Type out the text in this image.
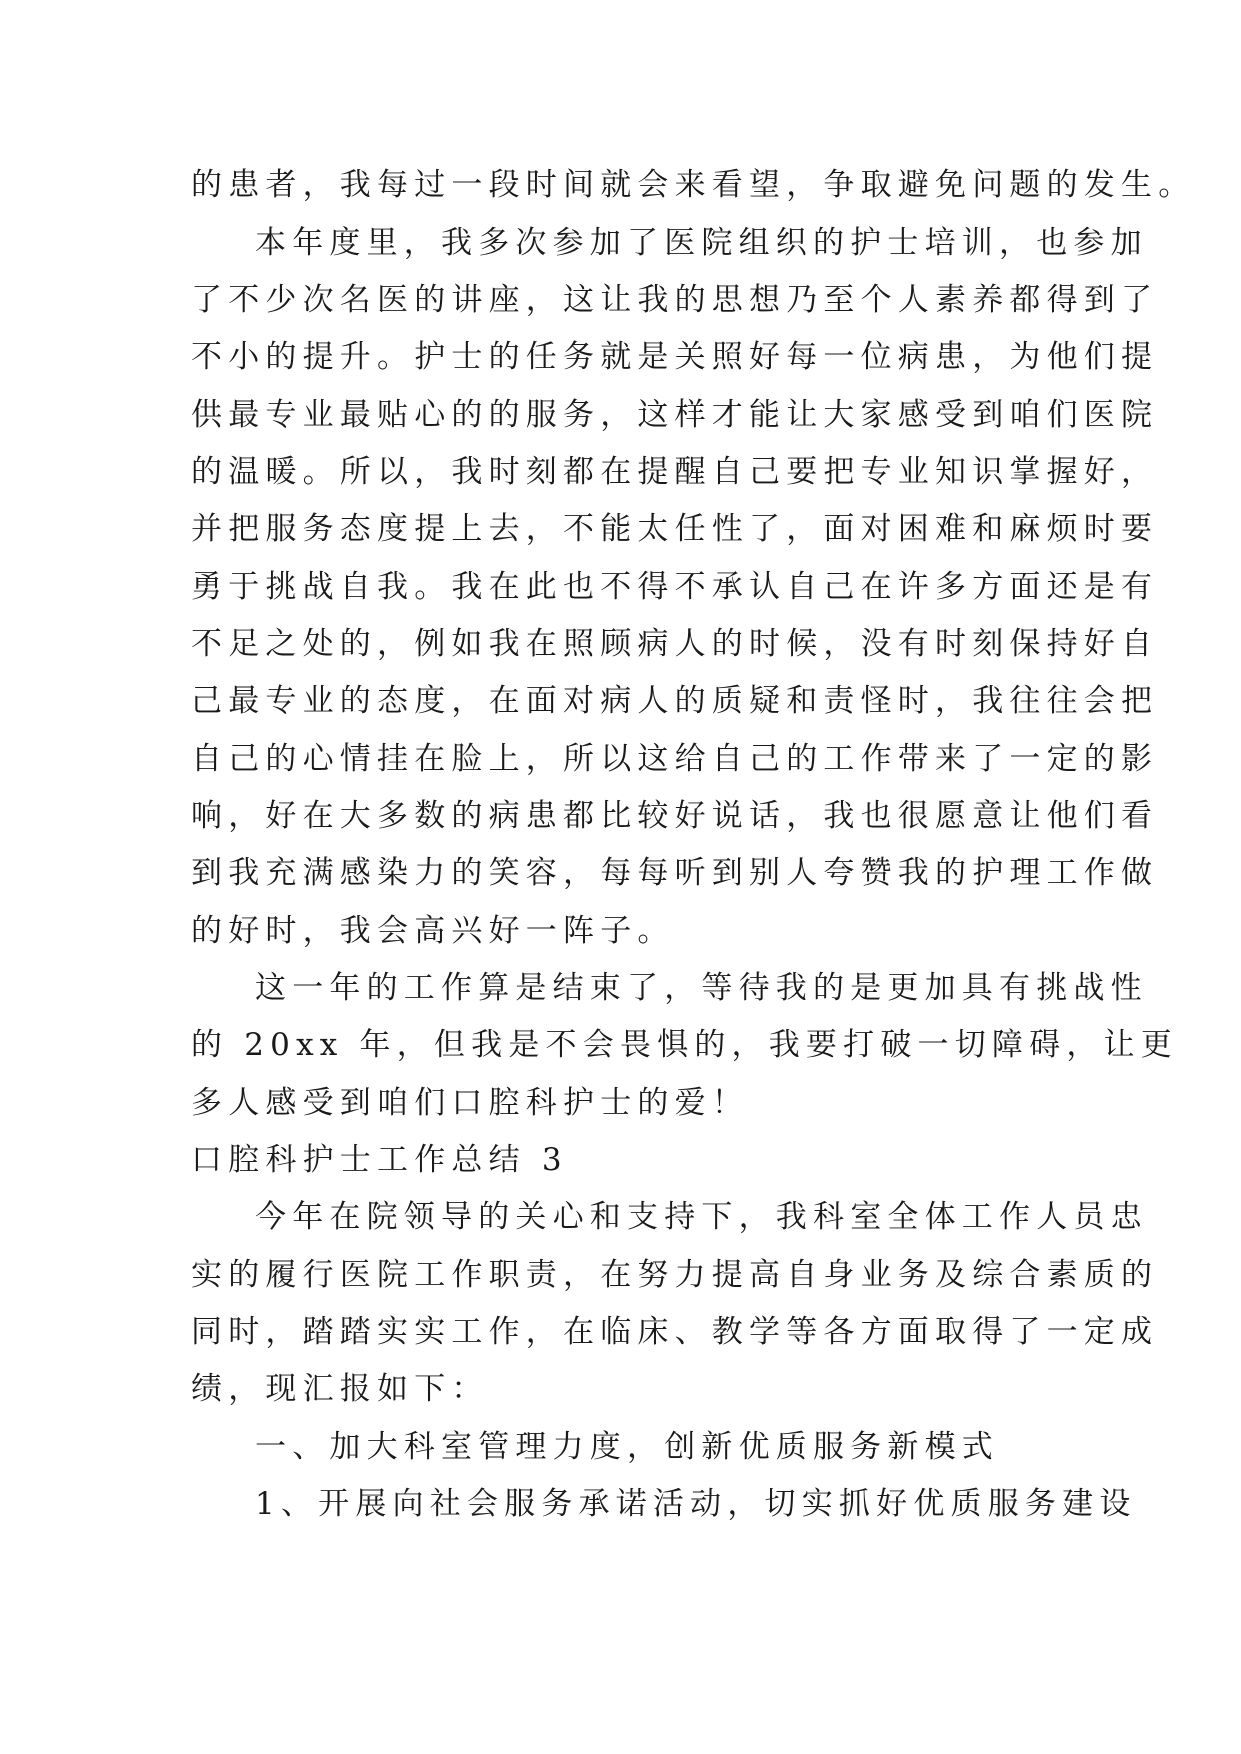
的患者，我每过一段时间就会来看望，争取避免问题的发生。
本年度里，我多次参加了医院组织的护士培训，也参加
了不少次名医的讲座，这让我的思想乃至个人素养都得到了
不小的提升。护士的任务就是关照好每一位病患，为他们提
供最专业最贴心的的服务，这样才能让大家感受到咱们医院
的温暖。所以，我时刻都在提醒自己要把专业知识掌握好，
并把服务态度提上去，不能太任性了，面对困难和麻烦时要
勇于挑战自我。我在此也不得不承认自己在许多方面还是有
不足之处的，例如我在照顾病人的时候，没有时刻保持好自
己最专业的态度，在面对病人的质疑和责怪时，我往往会把
自己的心情挂在脸上，所以这给自己的工作带来了一定的影
响，好在大多数的病患都比较好说话，我也很愿意让他们看
到我充满感染力的笑容，每每听到别人夸赞我的护理工作做
的好时，我会高兴好一阵子。
这一年的工作算是结束了，等待我的是更加具有挑战性
的 20xx 年，但我是不会畏惧的，我要打破一切障碍，让更
多人感受到咱们口腔科护士的爱！
口腔科护士工作总结 3
今年在院领导的关心和支持下，我科室全体工作人员忠
实的履行医院工作职责，在努力提高自身业务及综合素质的
同时，踏踏实实工作，在临床、教学等各方面取得了一定成
绩，现汇报如下：
一、加大科室管理力度，创新优质服务新模式
1、开展向社会服务承诺活动，切实抓好优质服务建设
